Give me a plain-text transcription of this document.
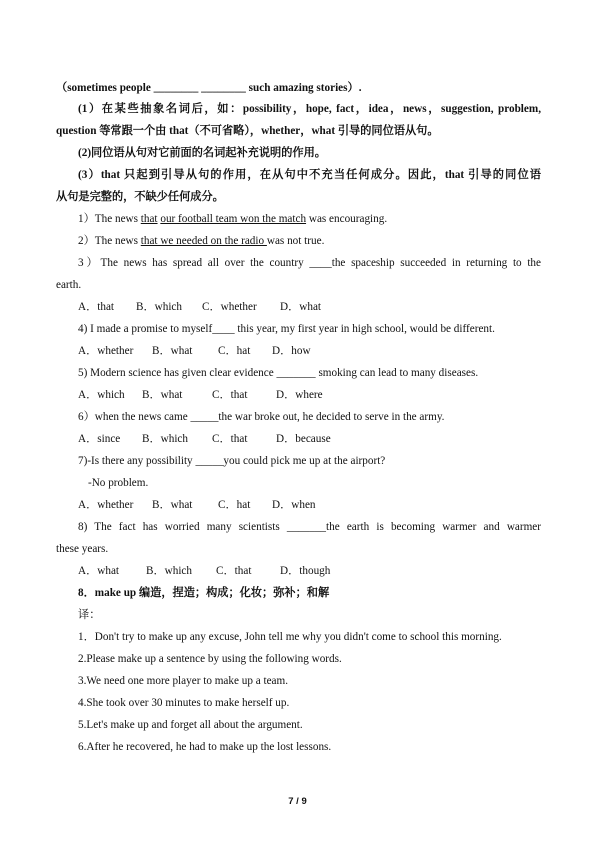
（sometimes people ________ ________ such amazing stories）.
(1）在某些抽象名词后，如：possibility，hope, fact，idea，news，suggestion, problem,
question 等常跟一个由 that（不可省略），whether，what 引导的同位语从句。
(2)同位语从句对它前面的名词起补充说明的作用。
(3）that 只起到引导从句的作用，在从句中不充当任何成分。因此，that 引导的同位语
从句是完整的，不缺少任何成分。
1）The news that our football team won the match was encouraging.
2）The news that we needed on the radio was not true.
3）The news has spread all over the country ____the spaceship succeeded in returning to the
earth.
A．that B．which C．whether D．what
4) I made a promise to myself____ this year, my first year in high school, would be different.
A．whether B．what C．hat D．how
5) Modern science has given clear evidence _______ smoking can lead to many diseases.
A．which B．what	C．that	D．where
6）when the news came _____the war broke out, he decided to serve in the army.
A．since B．which C．that	D．because
7)-Is there any possibility _____you could pick me up at the airport?
-No problem.
A．whether B．what C．hat D．when
8) The fact has worried many scientists _______the earth is becoming warmer and warmer
these years.
A．what B．which C．that	D．though
8．make up 编造，捏造；构成；化妆；弥补；和解
译：
1．Don't try to make up any excuse, John tell me why you didn't come to school this morning.
2.Please make up a sentence by using the following words.
3.We need one more player to make up a team.
4.She took over 30 minutes to make herself up.
5.Let's make up and forget all about the argument.
6.After he recovered, he had to make up the lost lessons.
7 / 9
